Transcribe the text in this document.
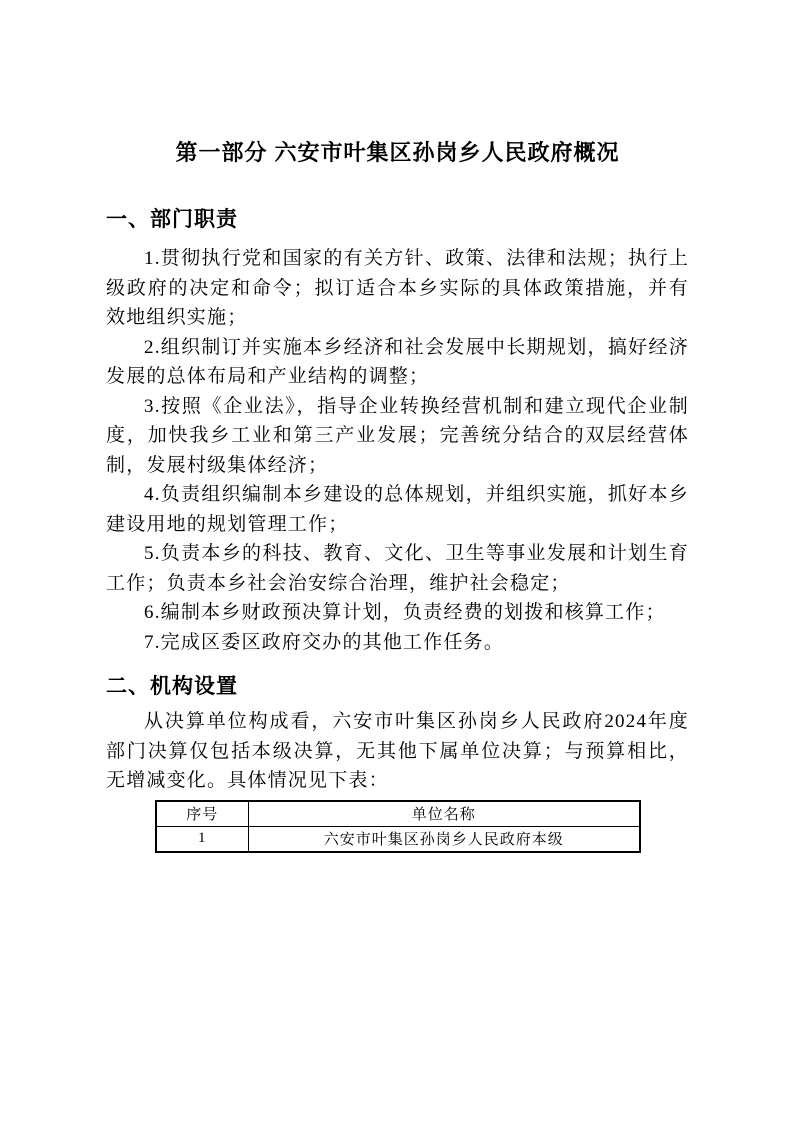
第一部分 六安市叶集区孙岗乡人民政府概况
一、部门职责

1.贯彻执行党和国家的有关方针、政策、法律和法规；执行上级政府的决定和命令；拟订适合本乡实际的具体政策措施，并有效地组织实施；

2.组织制订并实施本乡经济和社会发展中长期规划，搞好经济发展的总体布局和产业结构的调整；

3.按照《企业法》，指导企业转换经营机制和建立现代企业制度，加快我乡工业和第三产业发展；完善统分结合的双层经营体制，发展村级集体经济；

4.负责组织编制本乡建设的总体规划，并组织实施，抓好本乡建设用地的规划管理工作；

5.负责本乡的科技、教育、文化、卫生等事业发展和计划生育工作；负责本乡社会治安综合治理，维护社会稳定；

6.编制本乡财政预决算计划，负责经费的划拨和核算工作；

7.完成区委区政府交办的其他工作任务。

二、机构设置

从决算单位构成看，六安市叶集区孙岗乡人民政府2024年度部门决算仅包括本级决算，无其他下属单位决算；与预算相比，无增减变化。具体情况见下表：

序号	单位名称
1	六安市叶集区孙岗乡人民政府本级
